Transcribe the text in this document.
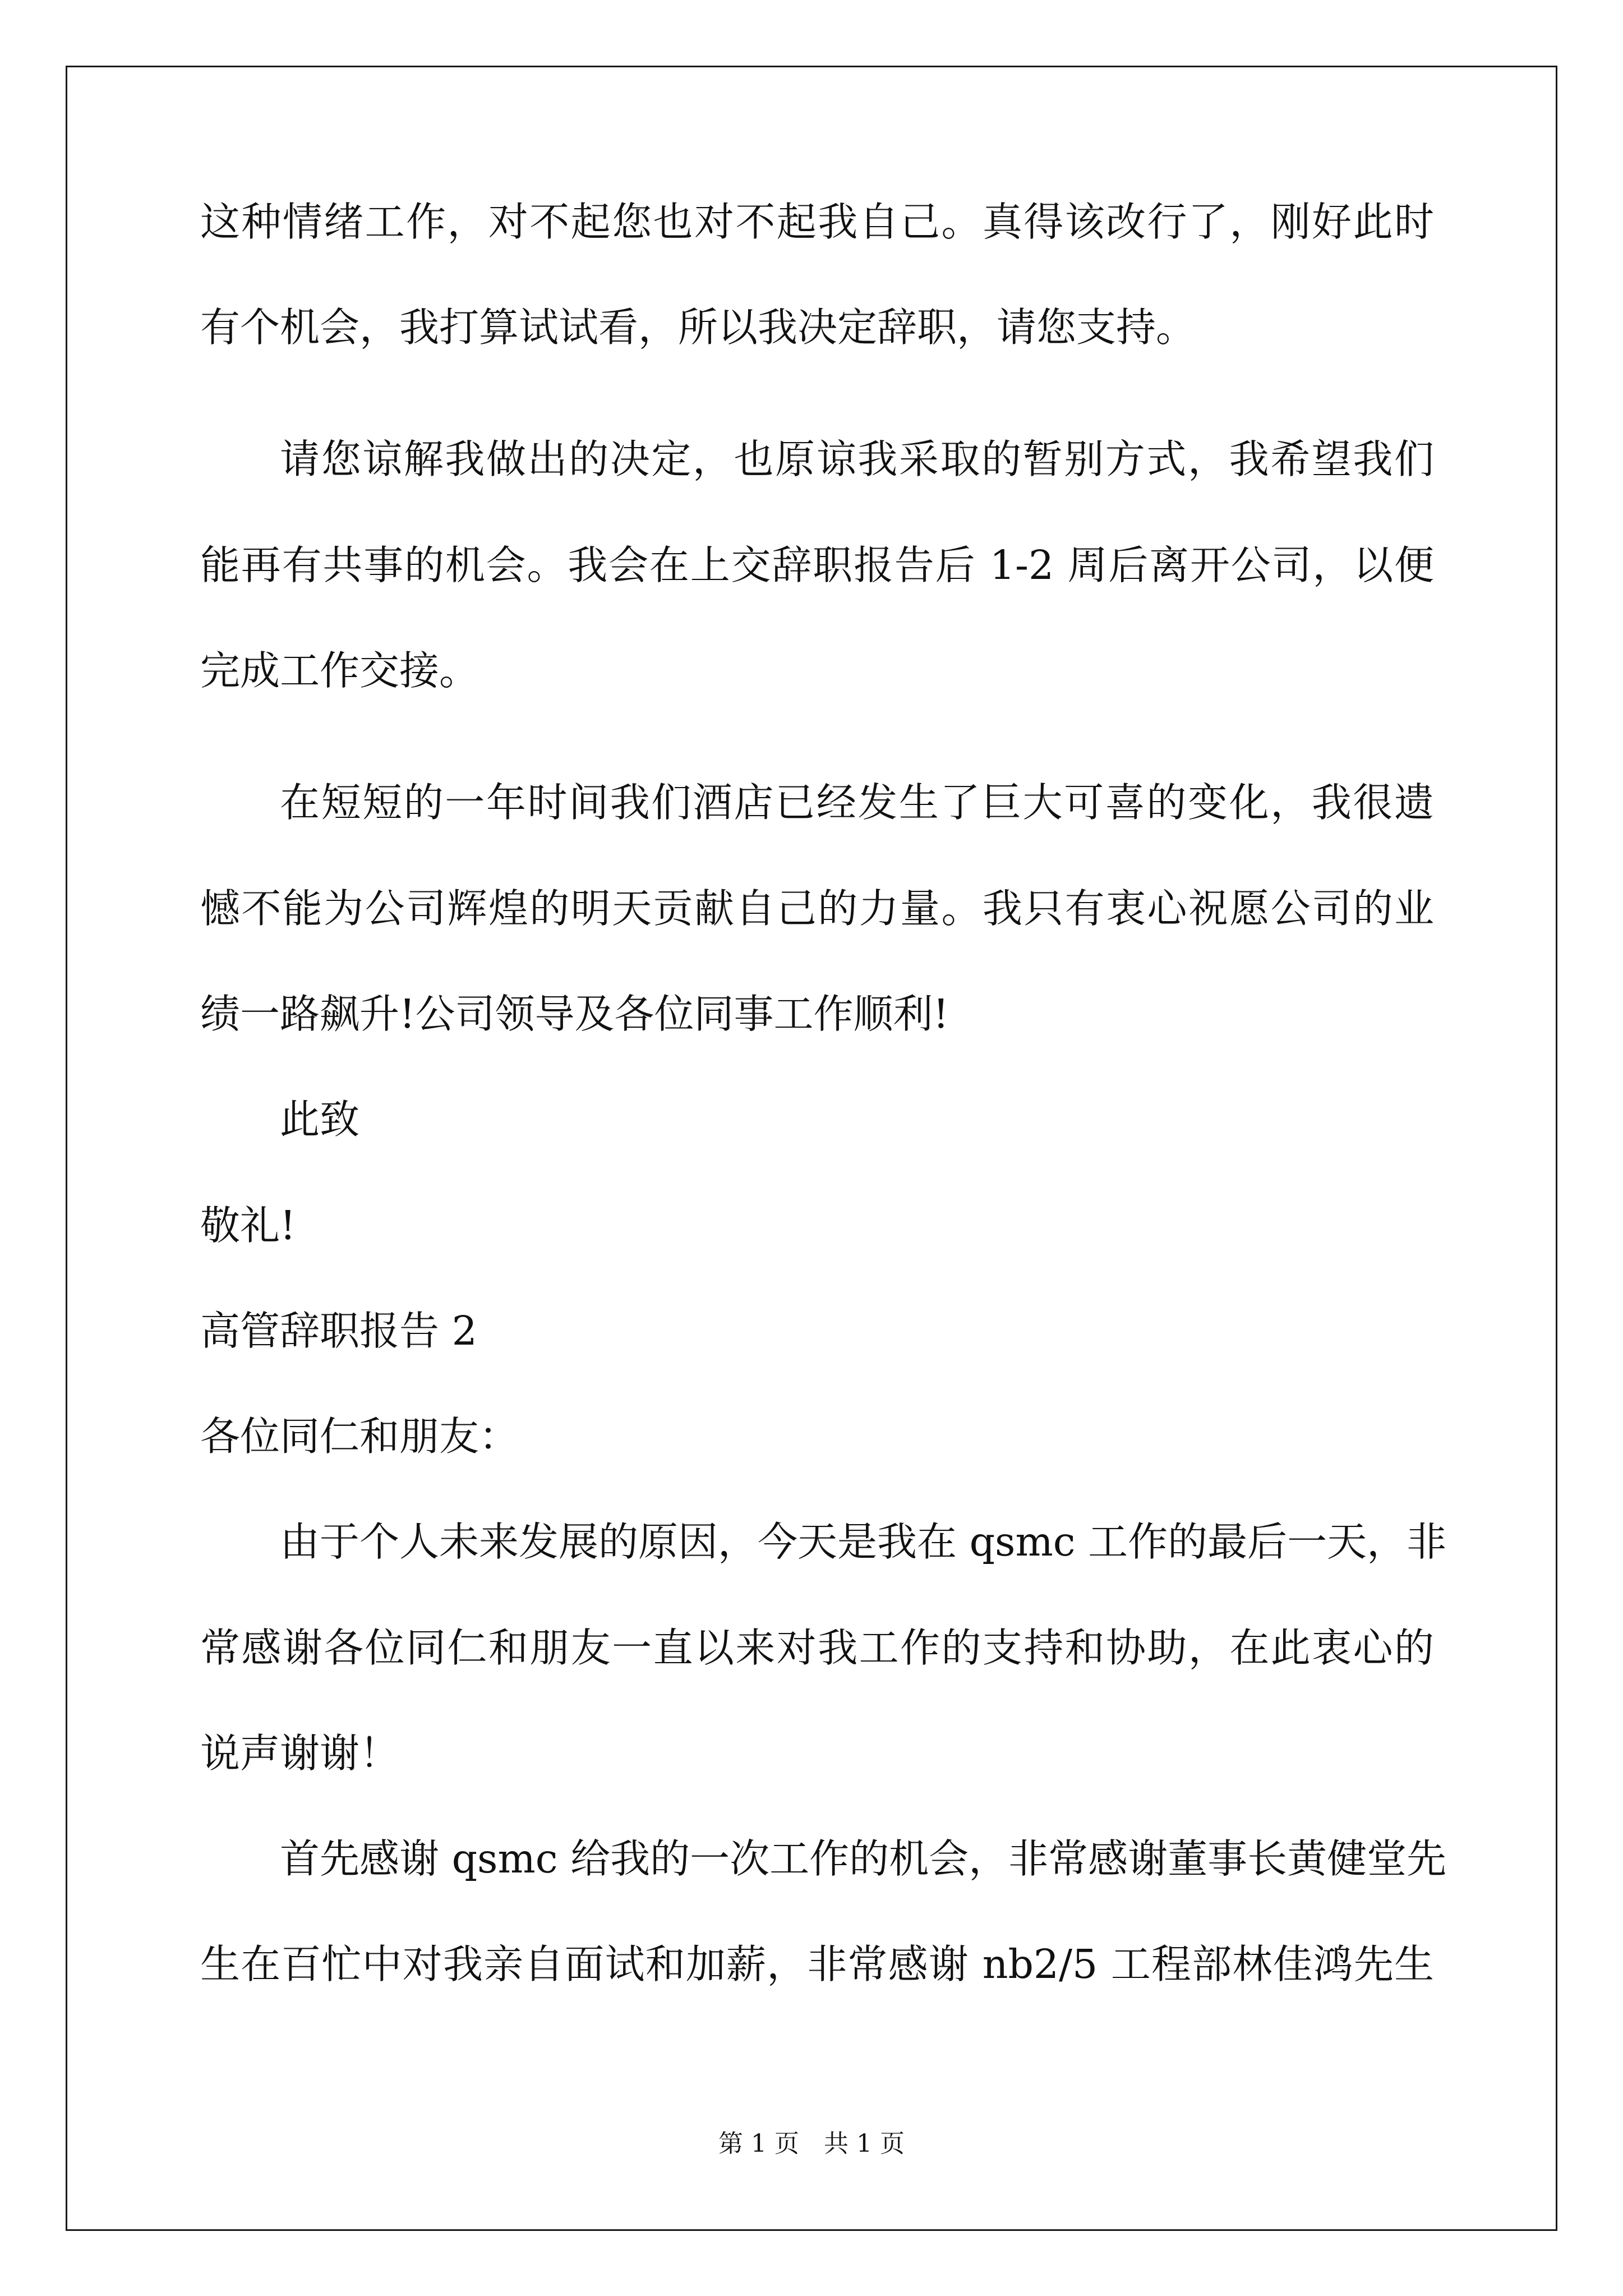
这种情绪工作，对不起您也对不起我自己。真得该改行了，刚好此时
有个机会，我打算试试看，所以我决定辞职，请您支持。
请您谅解我做出的决定，也原谅我采取的暂别方式，我希望我们
能再有共事的机会。我会在上交辞职报告后 1-2 周后离开公司，以便
完成工作交接。
在短短的一年时间我们酒店已经发生了巨大可喜的变化，我很遗
憾不能为公司辉煌的明天贡献自己的力量。我只有衷心祝愿公司的业
绩一路飙升!公司领导及各位同事工作顺利!
此致
敬礼!
高管辞职报告 2
各位同仁和朋友：
由于个人未来发展的原因，今天是我在 qsmc 工作的最后一天，非
常感谢各位同仁和朋友一直以来对我工作的支持和协助，在此衷心的
说声谢谢！
首先感谢 qsmc 给我的一次工作的机会，非常感谢董事长黄健堂先
生在百忙中对我亲自面试和加薪，非常感谢 nb2/5 工程部林佳鸿先生
第 1 页　共 1 页
